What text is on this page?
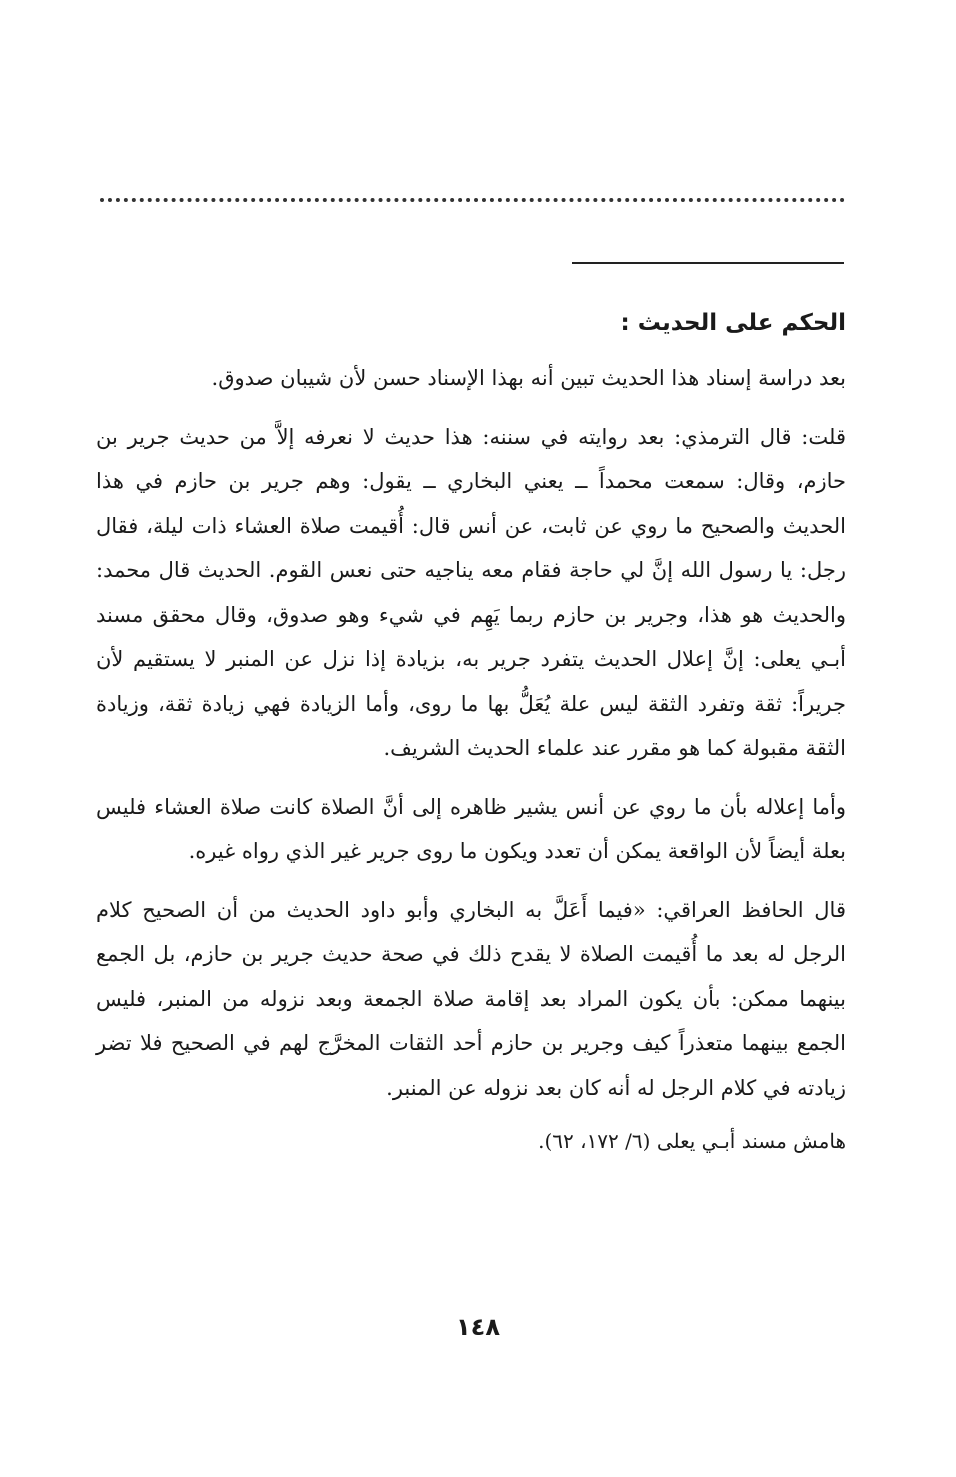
الحكم على الحديث :

بعد دراسة إسناد هذا الحديث تبين أنه بهذا الإسناد حسن لأن شيبان صدوق.

قلت: قال الترمذي: بعد روايته في سننه: هذا حديث لا نعرفه إلاَّ من حديث جرير بن حازم، وقال: سمعت محمداً ــ يعني البخاري ــ يقول: وهم جرير بن حازم في هذا الحديث والصحيح ما روي عن ثابت، عن أنس قال: أُقيمت صلاة العشاء ذات ليلة، فقال رجل: يا رسول الله إنَّ لي حاجة فقام معه يناجيه حتى نعس القوم. الحديث قال محمد: والحديث هو هذا، وجرير بن حازم ربما يَهِم في شيء وهو صدوق، وقال محقق مسند أبـي يعلى: إنَّ إعلال الحديث يتفرد جرير به، بزيادة إذا نزل عن المنبر لا يستقيم لأن جريراً: ثقة وتفرد الثقة ليس علة يُعَلُّ بها ما روى، وأما الزيادة فهي زيادة ثقة، وزيادة الثقة مقبولة كما هو مقرر عند علماء الحديث الشريف.

وأما إعلاله بأن ما روي عن أنس يشير ظاهره إلى أنَّ الصلاة كانت صلاة العشاء فليس بعلة أيضاً لأن الواقعة يمكن أن تعدد ويكون ما روى جرير غير الذي رواه غيره.

قال الحافظ العراقي: «فيما أَعَلَّ به البخاري وأبو داود الحديث من أن الصحيح كلام الرجل له بعد ما أُقيمت الصلاة لا يقدح ذلك في صحة حديث جرير بن حازم، بل الجمع بينهما ممكن: بأن يكون المراد بعد إقامة صلاة الجمعة وبعد نزوله من المنبر، فليس الجمع بينهما متعذراً كيف وجرير بن حازم أحد الثقات المخرَّج لهم في الصحيح فلا تضر زيادته في كلام الرجل له أنه كان بعد نزوله عن المنبر.

هامش مسند أبـي يعلى (٦/ ١٧٢، ٦٢).

١٤٨
